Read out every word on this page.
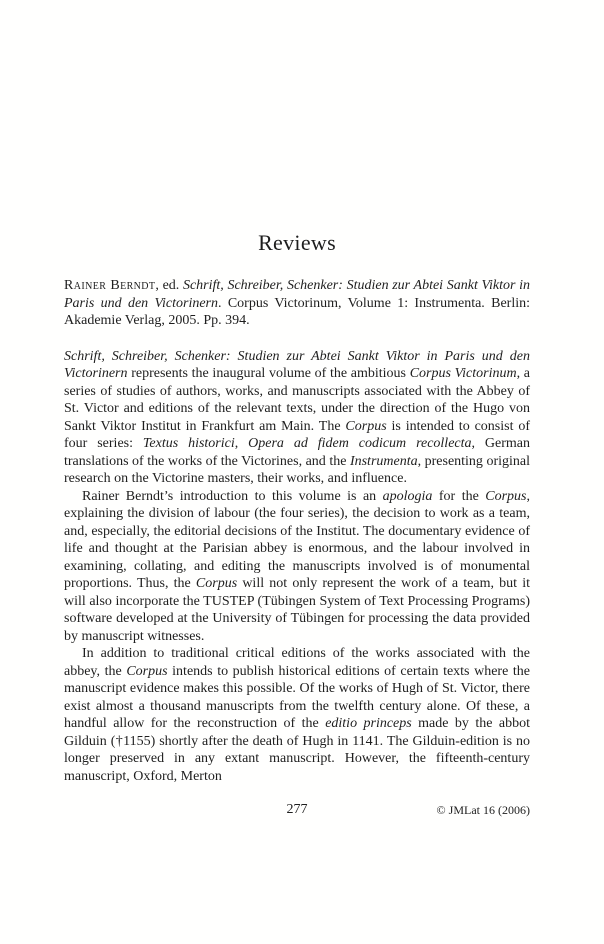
Reviews

Rainer Berndt, ed. Schrift, Schreiber, Schenker: Studien zur Abtei Sankt Viktor in Paris und den Victorinern. Corpus Victorinum, Volume 1: Instrumenta. Berlin: Akademie Verlag, 2005. Pp. 394.

Schrift, Schreiber, Schenker: Studien zur Abtei Sankt Viktor in Paris und den Victorinern represents the inaugural volume of the ambitious Corpus Victorinum, a series of studies of authors, works, and manuscripts associated with the Abbey of St. Victor and editions of the relevant texts, under the direction of the Hugo von Sankt Viktor Institut in Frankfurt am Main. The Corpus is intended to consist of four series: Textus historici, Opera ad fidem codicum recollecta, German translations of the works of the Victorines, and the Instrumenta, presenting original research on the Victorine masters, their works, and influence.

Rainer Berndt’s introduction to this volume is an apologia for the Corpus, explaining the division of labour (the four series), the decision to work as a team, and, especially, the editorial decisions of the Institut. The documentary evidence of life and thought at the Parisian abbey is enormous, and the labour involved in examining, collating, and editing the manuscripts involved is of monumental proportions. Thus, the Corpus will not only represent the work of a team, but it will also incorporate the TUSTEP (Tübingen System of Text Processing Programs) software developed at the University of Tübingen for processing the data provided by manuscript witnesses.

In addition to traditional critical editions of the works associated with the abbey, the Corpus intends to publish historical editions of certain texts where the manuscript evidence makes this possible. Of the works of Hugh of St. Victor, there exist almost a thousand manuscripts from the twelfth century alone. Of these, a handful allow for the reconstruction of the editio princeps made by the abbot Gilduin (†1155) shortly after the death of Hugh in 1141. The Gilduin-edition is no longer preserved in any extant manuscript. However, the fifteenth-century manuscript, Oxford, Merton

277	© JMLat 16 (2006)
